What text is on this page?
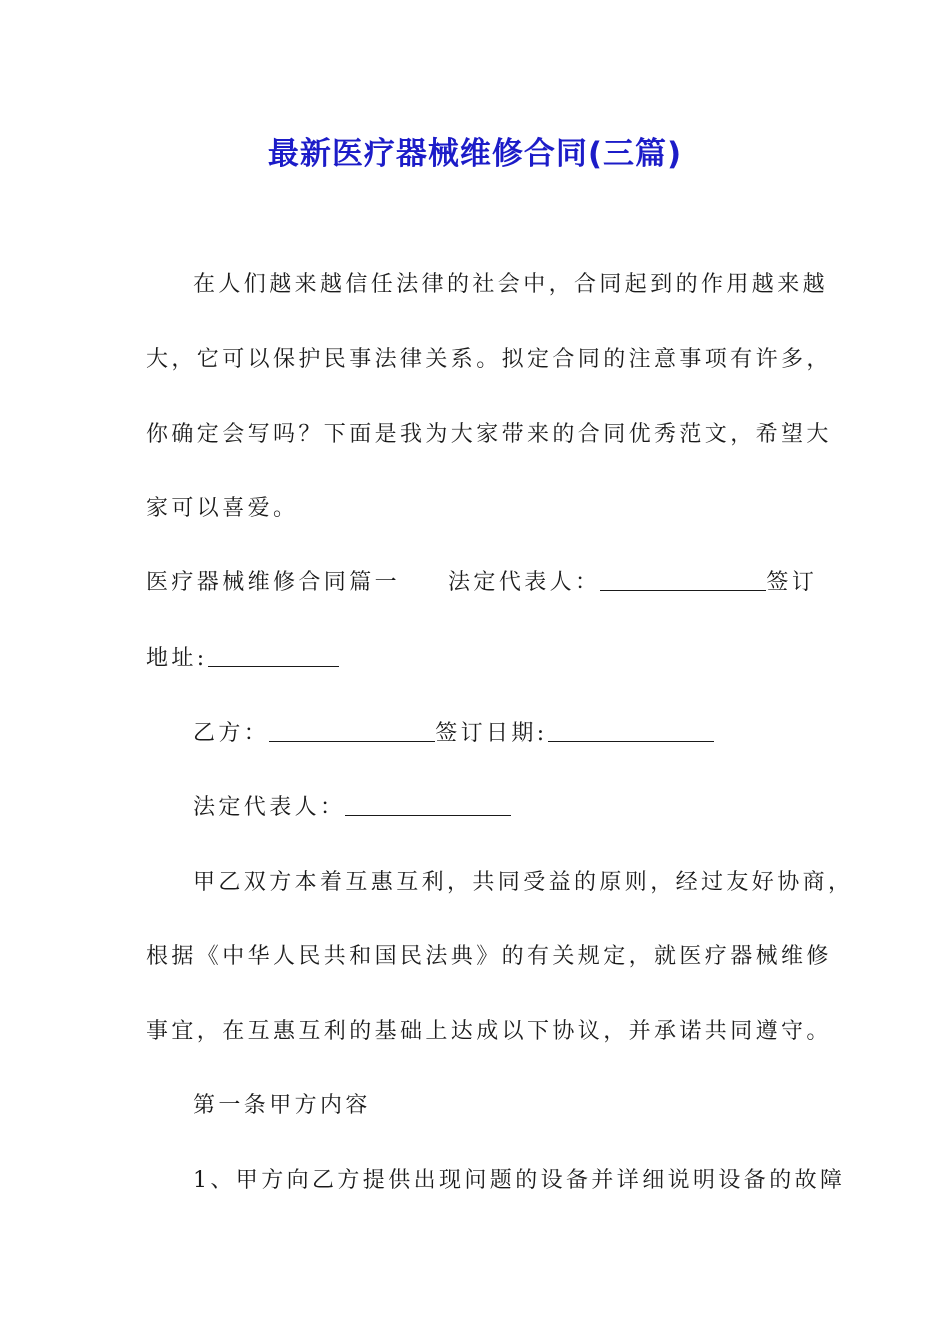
最新医疗器械维修合同(三篇)
在人们越来越信任法律的社会中，合同起到的作用越来越
大，它可以保护民事法律关系。拟定合同的注意事项有许多，
你确定会写吗？下面是我为大家带来的合同优秀范文，希望大
家可以喜爱。
医疗器械维修合同篇一 法定代表人：	签订
地址:
乙方：	签订日期:
法定代表人：
甲乙双方本着互惠互利，共同受益的原则，经过友好协商，
根据《中华人民共和国民法典》的有关规定，就医疗器械维修
事宜，在互惠互利的基础上达成以下协议，并承诺共同遵守。
第一条甲方内容
1、甲方向乙方提供出现问题的设备并详细说明设备的故障
